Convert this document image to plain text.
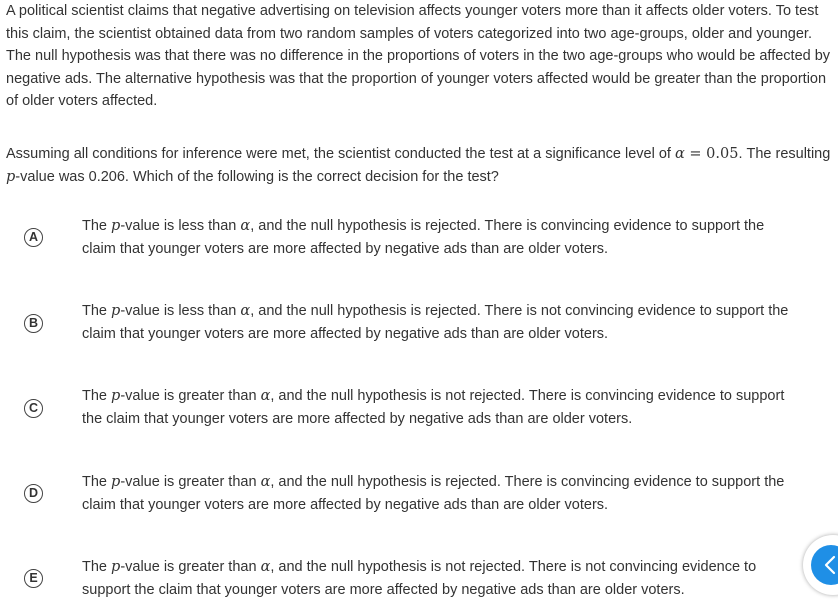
A political scientist claims that negative advertising on television affects younger voters more than it affects older voters. To test this claim, the scientist obtained data from two random samples of voters categorized into two age-groups, older and younger. The null hypothesis was that there was no difference in the proportions of voters in the two age-groups who would be affected by negative ads. The alternative hypothesis was that the proportion of younger voters affected would be greater than the proportion of older voters affected.

Assuming all conditions for inference were met, the scientist conducted the test at a significance level of α = 0.05. The resulting p-value was 0.206. Which of the following is the correct decision for the test?

A

The p-value is less than α, and the null hypothesis is rejected. There is convincing evidence to support the claim that younger voters are more affected by negative ads than are older voters.

B

The p-value is less than α, and the null hypothesis is rejected. There is not convincing evidence to support the claim that younger voters are more affected by negative ads than are older voters.

C

The p-value is greater than α, and the null hypothesis is not rejected. There is convincing evidence to support the claim that younger voters are more affected by negative ads than are older voters.

D

The p-value is greater than α, and the null hypothesis is rejected. There is convincing evidence to support the claim that younger voters are more affected by negative ads than are older voters.

E

The p-value is greater than α, and the null hypothesis is not rejected. There is not convincing evidence to support the claim that younger voters are more affected by negative ads than are older voters.
